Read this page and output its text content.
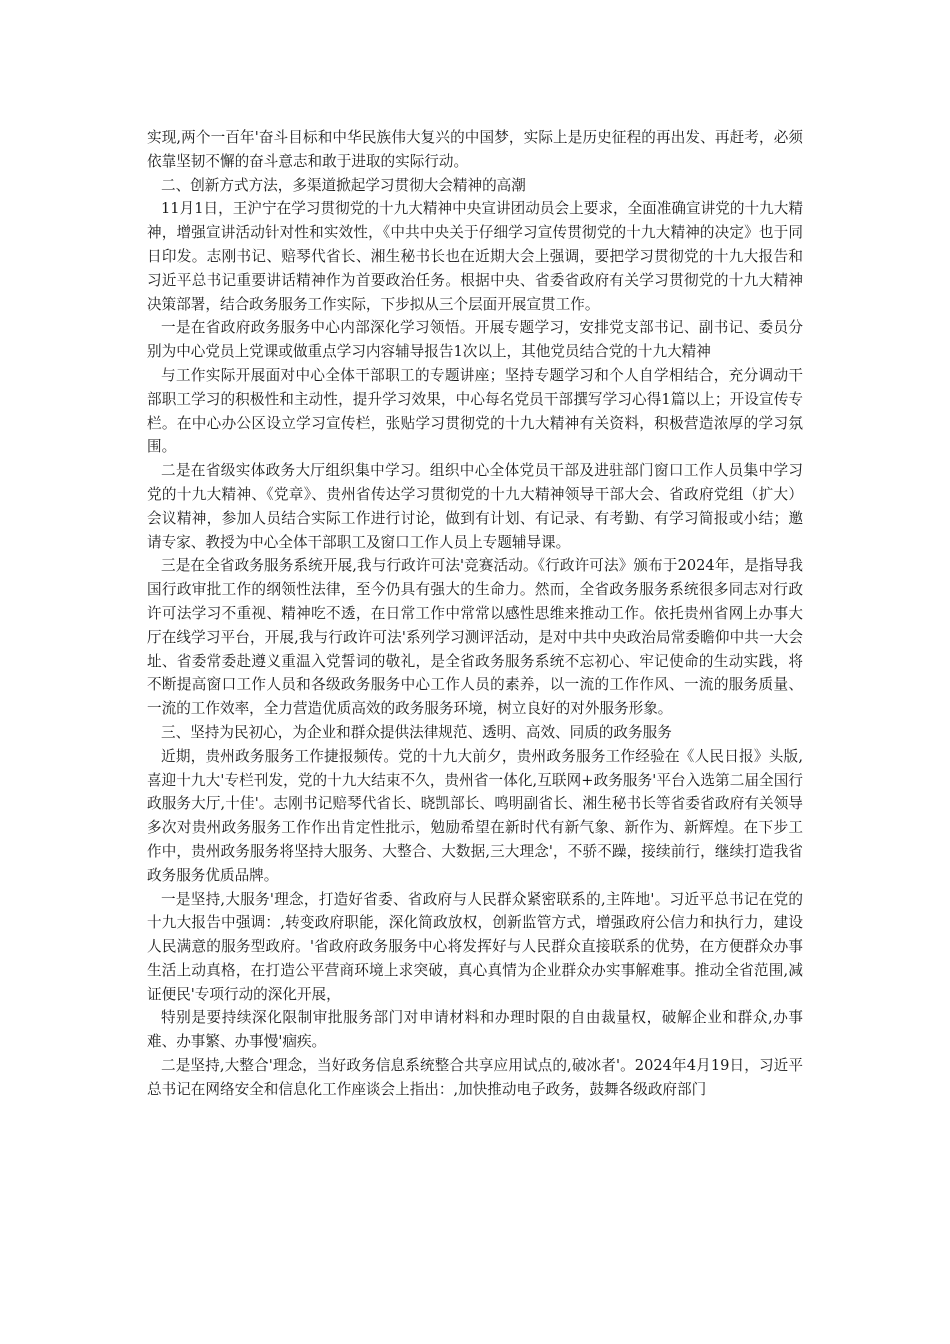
实现,两个一百年'奋斗目标和中华民族伟大复兴的中国梦，实际上是历史征程的再出发、再赶考，必须依靠坚韧不懈的奋斗意志和敢于进取的实际行动。

二、创新方式方法，多渠道掀起学习贯彻大会精神的高潮

11月1日，王沪宁在学习贯彻党的十九大精神中央宣讲团动员会上要求，全面准确宣讲党的十九大精神，增强宣讲活动针对性和实效性，《中共中央关于仔细学习宣传贯彻党的十九大精神的决定》也于同日印发。志刚书记、赔琴代省长、湘生秘书长也在近期大会上强调，要把学习贯彻党的十九大报告和习近平总书记重要讲话精神作为首要政治任务。根据中央、省委省政府有关学习贯彻党的十九大精神决策部署，结合政务服务工作实际，下步拟从三个层面开展宣贯工作。

一是在省政府政务服务中心内部深化学习领悟。开展专题学习，安排党支部书记、副书记、委员分别为中心党员上党课或做重点学习内容辅导报告1次以上，其他党员结合党的十九大精神

与工作实际开展面对中心全体干部职工的专题讲座；坚持专题学习和个人自学相结合，充分调动干部职工学习的积极性和主动性，提升学习效果，中心每名党员干部撰写学习心得1篇以上；开设宣传专栏。在中心办公区设立学习宣传栏，张贴学习贯彻党的十九大精神有关资料，积极营造浓厚的学习氛围。

二是在省级实体政务大厅组织集中学习。组织中心全体党员干部及进驻部门窗口工作人员集中学习党的十九大精神、《党章》、贵州省传达学习贯彻党的十九大精神领导干部大会、省政府党组（扩大）会议精神，参加人员结合实际工作进行讨论，做到有计划、有记录、有考勤、有学习简报或小结；邀请专家、教授为中心全体干部职工及窗口工作人员上专题辅导课。

三是在全省政务服务系统开展,我与行政许可法'竞赛活动。《行政许可法》颁布于2024年，是指导我国行政审批工作的纲领性法律，至今仍具有强大的生命力。然而，全省政务服务系统很多同志对行政许可法学习不重视、精神吃不透，在日常工作中常常以感性思维来推动工作。依托贵州省网上办事大厅在线学习平台，开展,我与行政许可法'系列学习测评活动，是对中共中央政治局常委瞻仰中共一大会址、省委常委赴遵义重温入党誓词的敬礼，是全省政务服务系统不忘初心、牢记使命的生动实践，将不断提高窗口工作人员和各级政务服务中心工作人员的素养，以一流的工作作风、一流的服务质量、一流的工作效率，全力营造优质高效的政务服务环境，树立良好的对外服务形象。

三、坚持为民初心，为企业和群众提供法律规范、透明、高效、同质的政务服务

近期，贵州政务服务工作捷报频传。党的十九大前夕，贵州政务服务工作经验在《人民日报》头版,喜迎十九大'专栏刊发，党的十九大结束不久，贵州省一体化,互联网+政务服务'平台入选第二届全国行政服务大厅,十佳'。志刚书记赔琴代省长、晓凯部长、鸣明副省长、湘生秘书长等省委省政府有关领导多次对贵州政务服务工作作出肯定性批示，勉励希望在新时代有新气象、新作为、新辉煌。在下步工作中，贵州政务服务将坚持大服务、大整合、大数据,三大理念'，不骄不躁，接续前行，继续打造我省政务服务优质品牌。

一是坚持,大服务'理念，打造好省委、省政府与人民群众紧密联系的,主阵地'。习近平总书记在党的十九大报告中强调：,转变政府职能，深化简政放权，创新监管方式，增强政府公信力和执行力，建设人民满意的服务型政府。'省政府政务服务中心将发挥好与人民群众直接联系的优势，在方便群众办事生活上动真格，在打造公平营商环境上求突破，真心真情为企业群众办实事解难事。推动全省范围,减证便民'专项行动的深化开展，

特别是要持续深化限制审批服务部门对申请材料和办理时限的自由裁量权，破解企业和群众,办事难、办事繁、办事慢'痼疾。

二是坚持,大整合'理念，当好政务信息系统整合共享应用试点的,破冰者'。2024年4月19日，习近平总书记在网络安全和信息化工作座谈会上指出：,加快推动电子政务，鼓舞各级政府部门
